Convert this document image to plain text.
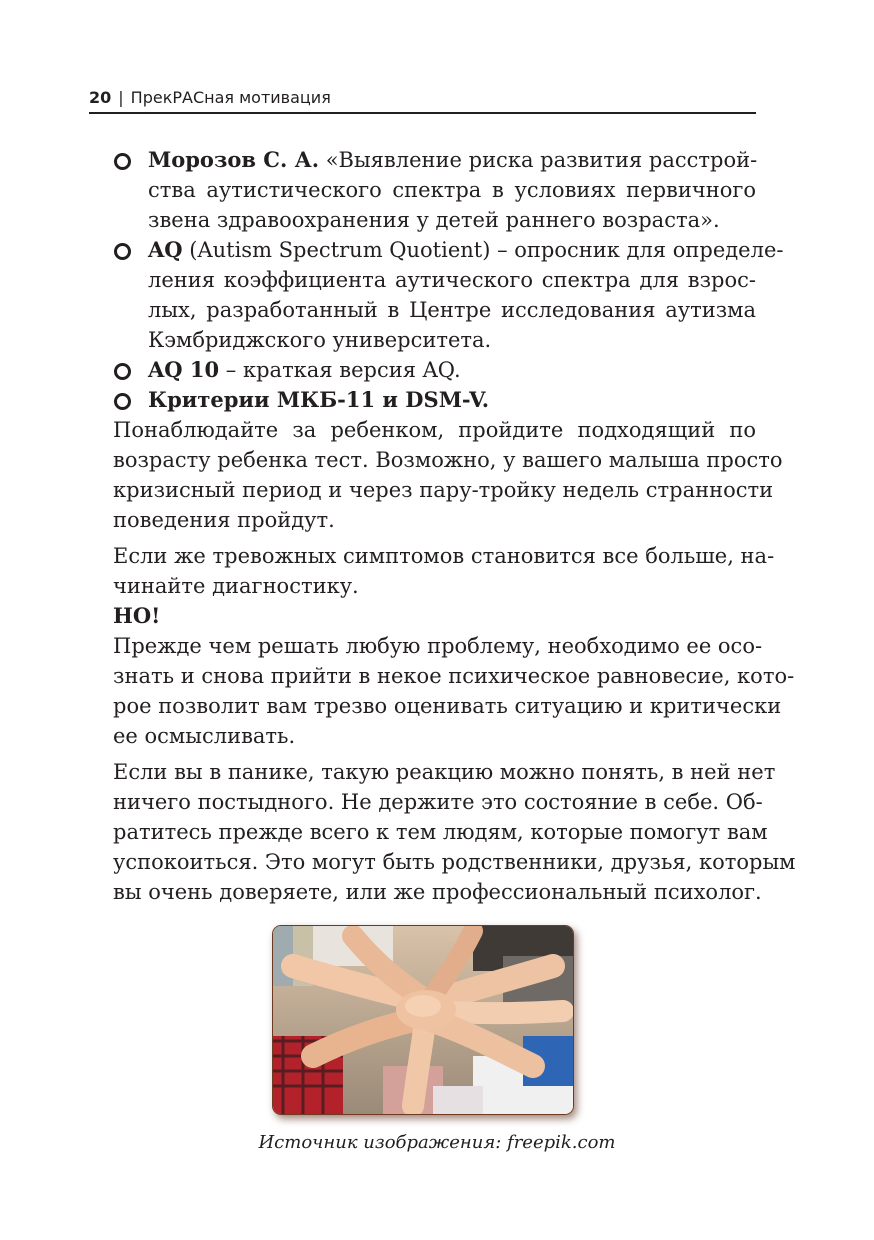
20 | ПрекРАСная мотивация

Морозов С. А. «Выявление риска развития расстрой-

ства аутистического спектра в условиях первичного

звена здравоохранения у детей раннего возраста».

AQ (Autism Spectrum Quotient) – опросник для определе-

ления коэффициента аутического спектра для взрос-

лых, разработанный в Центре исследования аутизма

Кэмбриджского университета.

AQ 10 – краткая версия AQ.

Критерии МКБ-11 и DSM-V.

Понаблюдайте за ребенком, пройдите подходящий по

возрасту ребенка тест. Возможно, у вашего малыша просто

кризисный период и через пару-тройку недель странности

поведения пройдут.

Если же тревожных симптомов становится все больше, на-

чинайте диагностику.

НО!

Прежде чем решать любую проблему, необходимо ее осо-

знать и снова прийти в некое психическое равновесие, кото-

рое позволит вам трезво оценивать ситуацию и критически

ее осмысливать.

Если вы в панике, такую реакцию можно понять, в ней нет

ничего постыдного. Не держите это состояние в себе. Об-

ратитесь прежде всего к тем людям, которые помогут вам

успокоиться. Это могут быть родственники, друзья, которым

вы очень доверяете, или же профессиональный психолог.

Источник изображения: freepik.com
